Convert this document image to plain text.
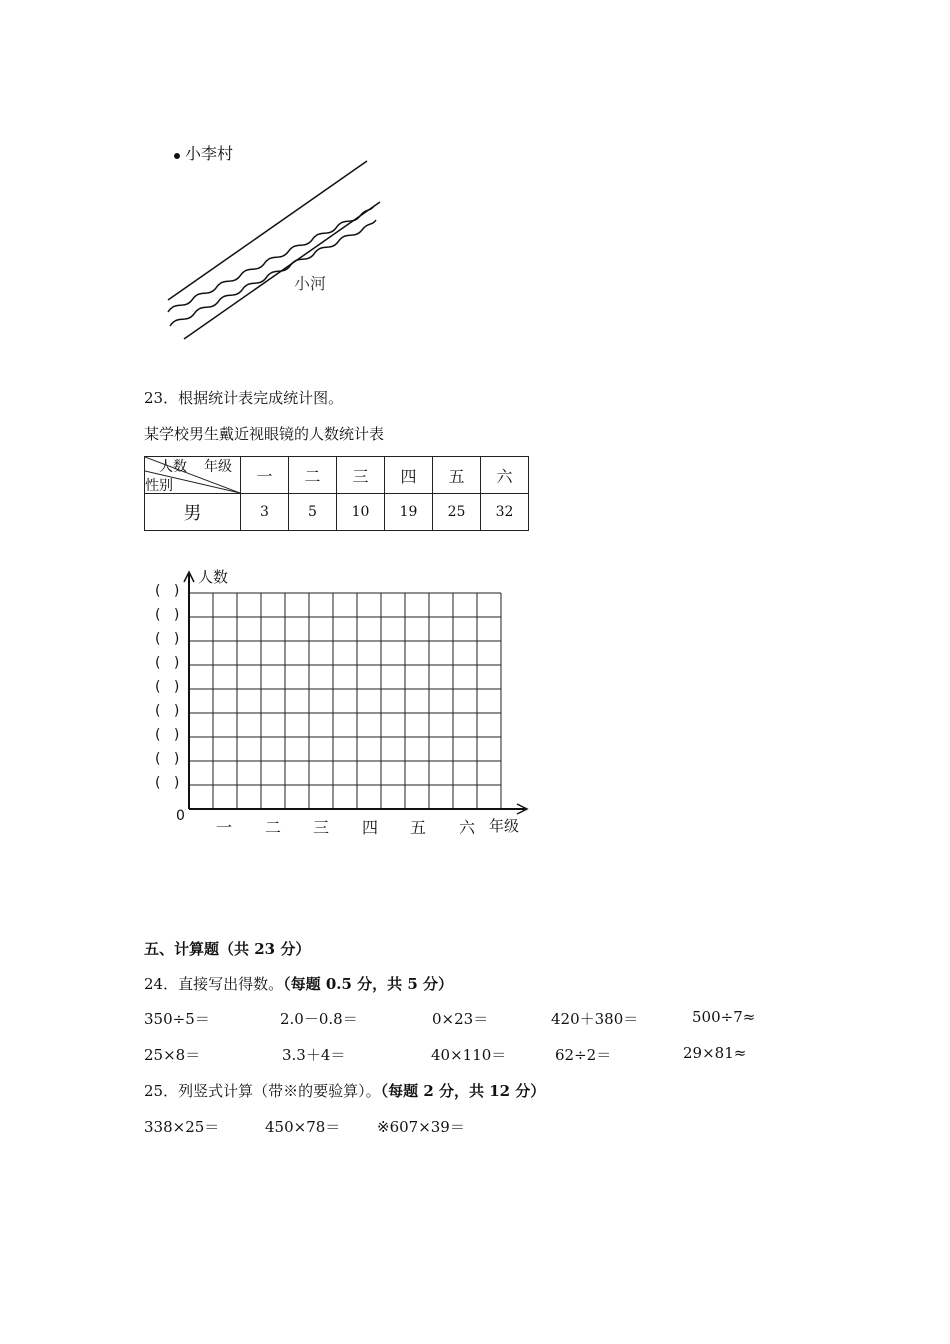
小李村
小河
23．根据统计表完成统计图。
某学校男生戴近视眼镜的人数统计表
人数 年级
性别	一	二	三	四	五	六
男	3	5	10	19	25	32
人数
0
年级
(   )
(   )
(   )
(   )
(   )
(   )
(   )
(   )
(   )
一 二 三 四 五 六
五、计算题（共 23 分）
24．直接写出得数。（每题 0.5 分，共 5 分）
350÷5＝	2.0－0.8＝	0×23＝	420＋380＝	500÷7≈
25×8＝	3.3＋4＝	40×110＝	62÷2＝	29×81≈
25．列竖式计算（带※的要验算）。（每题 2 分，共 12 分）
338×25＝	450×78＝ ※607×39＝
